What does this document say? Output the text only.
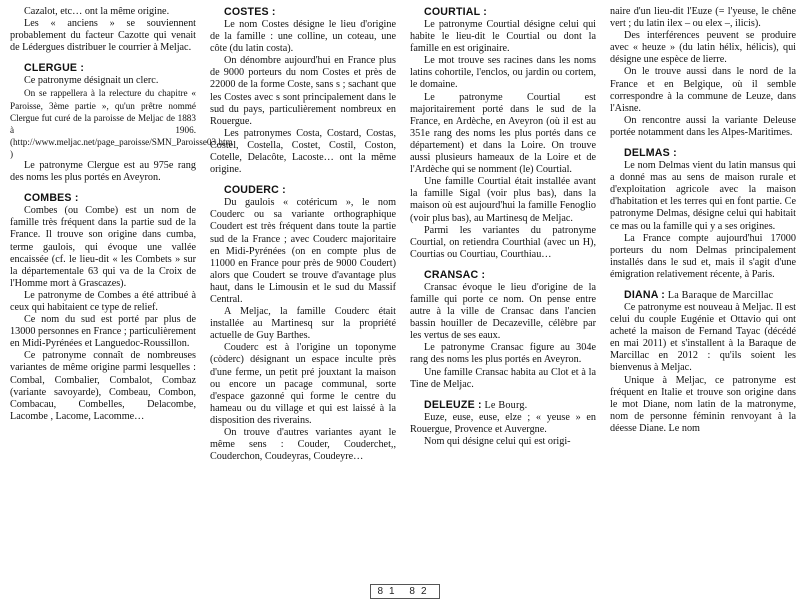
Cazalot, etc… ont la même origine.

Les « anciens » se souviennent probablement du facteur Cazotte qui venait de Lédergues distribuer le courrier à Meljac.

CLERGUE :

Ce patronyme désignait un clerc.

On se rappellera à la relecture du chapitre « Paroisse, 3ème partie », qu'un prêtre nommé Clergue fut curé de la paroisse de Meljac de 1883 à 1906. (http://www.meljac.net/page_paroisse/SMN_Paroisse03.htm )

Le patronyme Clergue est au 975e rang des noms les plus portés en Aveyron.

COMBES :

Combes (ou Combe) est un nom de famille très fréquent dans la partie sud de la France. Il trouve son origine dans cumba, terme gaulois, qui évoque une vallée encaissée (cf. le lieu-dit « les Combets » sur la départementale 63 qui va de la Croix de l'Homme mort à Grascazes).

Le patronyme de Combes a été attribué à ceux qui habitaient ce type de relief.

Ce nom du sud est porté par plus de 13000 personnes en France ; particulièrement en Midi-Pyrénées et Languedoc-Roussillon.

Ce patronyme connaît de nombreuses variantes de même origine parmi lesquelles : Combal, Combalier, Combalot, Combaz (variante savoyarde), Combeau, Combon, Combacau, Combelles, Delacombe, Lacombe , Lacome, Lacomme…

COSTES :

Le nom Costes désigne le lieu d'origine de la famille : une colline, un coteau, une côte (du latin costa).

On dénombre aujourd'hui en France plus de 9000 porteurs du nom Costes et près de 22000 de la forme Coste, sans s ; sachant que les Costes avec s sont principalement dans le sud du pays, particulièrement nombreux en Rouergue.

Les patronymes Costa, Costard, Costas, Costel, Costella, Costet, Costil, Coston, Cotelle, Delacôte, Lacoste… ont la même origine.

COUDERC :

Du gaulois « cotéricum », le nom Couderc ou sa variante orthographique Coudert est très fréquent dans toute la partie sud de la France ; avec Couderc majoritaire en Midi-Pyrénées (on en compte plus de 11000 en France pour près de 9000 Coudert) alors que Coudert se trouve d'avantage plus haut, dans le Limousin et le sud du Massif Central.

A Meljac, la famille Couderc était installée au Martinesq sur la propriété actuelle de Guy Barthes.

Couderc est à l'origine un toponyme (còderc) désignant un espace inculte près d'une ferme, un petit pré jouxtant la maison ou encore un pacage communal, sorte d'espace gazonné qui forme le centre du hameau ou du village et qui est laissé à la disposition des riverains.

On trouve d'autres variantes ayant le même sens : Couder, Couderchet,, Couderchon, Coudeyras, Coudeyre…

COURTIAL :

Le patronyme Courtial désigne celui qui habite le lieu-dit le Courtial ou dont la famille en est originaire.

Le mot trouve ses racines dans les noms latins cohortile, l'enclos, ou jardin ou cortem, le domaine.

Le patronyme Courtial est majoritairement porté dans le sud de la France, en Ardèche, en Aveyron (où il est au 351e rang des noms les plus portés dans ce département) et dans la Loire. On trouve aussi plusieurs hameaux de la Loire et de l'Ardèche qui se nomment (le) Courtial.

Une famille Courtial était installée avant la famille Sigal (voir plus bas), dans la maison où est aujourd'hui la famille Fenoglio (voir plus bas), au Martinesq de Meljac.

Parmi les variantes du patronyme Courtial, on retiendra Courthial (avec un H), Courtias ou Courtiau, Courthiau…

CRANSAC :

Cransac évoque le lieu d'origine de la famille qui porte ce nom. On pense entre autre à la ville de Cransac dans l'ancien bassin houiller de Decazeville, célèbre par les vertus de ses eaux.

Le patronyme Cransac figure au 304e rang des noms les plus portés en Aveyron.

Une famille Cransac habita au Clot et à la Tine de Meljac.

DELEUZE : Le Bourg.

Euze, euse, euse, elze ; « yeuse » en Rouergue, Provence et Auvergne.

Nom qui désigne celui qui est origi-

naire d'un lieu-dit l'Euze (= l'yeuse, le chêne vert ; du latin ilex – ou elex –, ilicis).

Des interférences peuvent se produire avec « heuze » (du latin hélix, hélicis), qui désigne une espèce de lierre.

On le trouve aussi dans le nord de la France et en Belgique, où il semble correspondre à la commune de Leuze, dans l'Aisne.

On rencontre aussi la variante Deleuse portée notamment dans les Alpes-Maritimes.

DELMAS :

Le nom Delmas vient du latin mansus qui a donné mas au sens de maison rurale et d'exploitation agricole avec la maison d'habitation et les terres qui en font partie. Ce patronyme Delmas, désigne celui qui habitait ce mas ou la famille qui y a ses origines.

La France compte aujourd'hui 17000 porteurs du nom Delmas principalement installés dans le sud et, mais il s'agit d'une émigration relativement récente, à Paris.

DIANA : La Baraque de Marcillac

Ce patronyme est nouveau à Meljac. Il est celui du couple Eugénie et Ottavio qui ont acheté la maison de Fernand Tayac (décédé en mai 2011) et s'installent à la Baraque de Marcillac en 2012 : qu'ils soient les bienvenus à Meljac.

Unique à Meljac, ce patronyme est fréquent en Italie et trouve son origine dans le mot Diane, nom latin de la matronyme, nom de personne féminin renvoyant à la déesse Diane. Le nom

81 82
